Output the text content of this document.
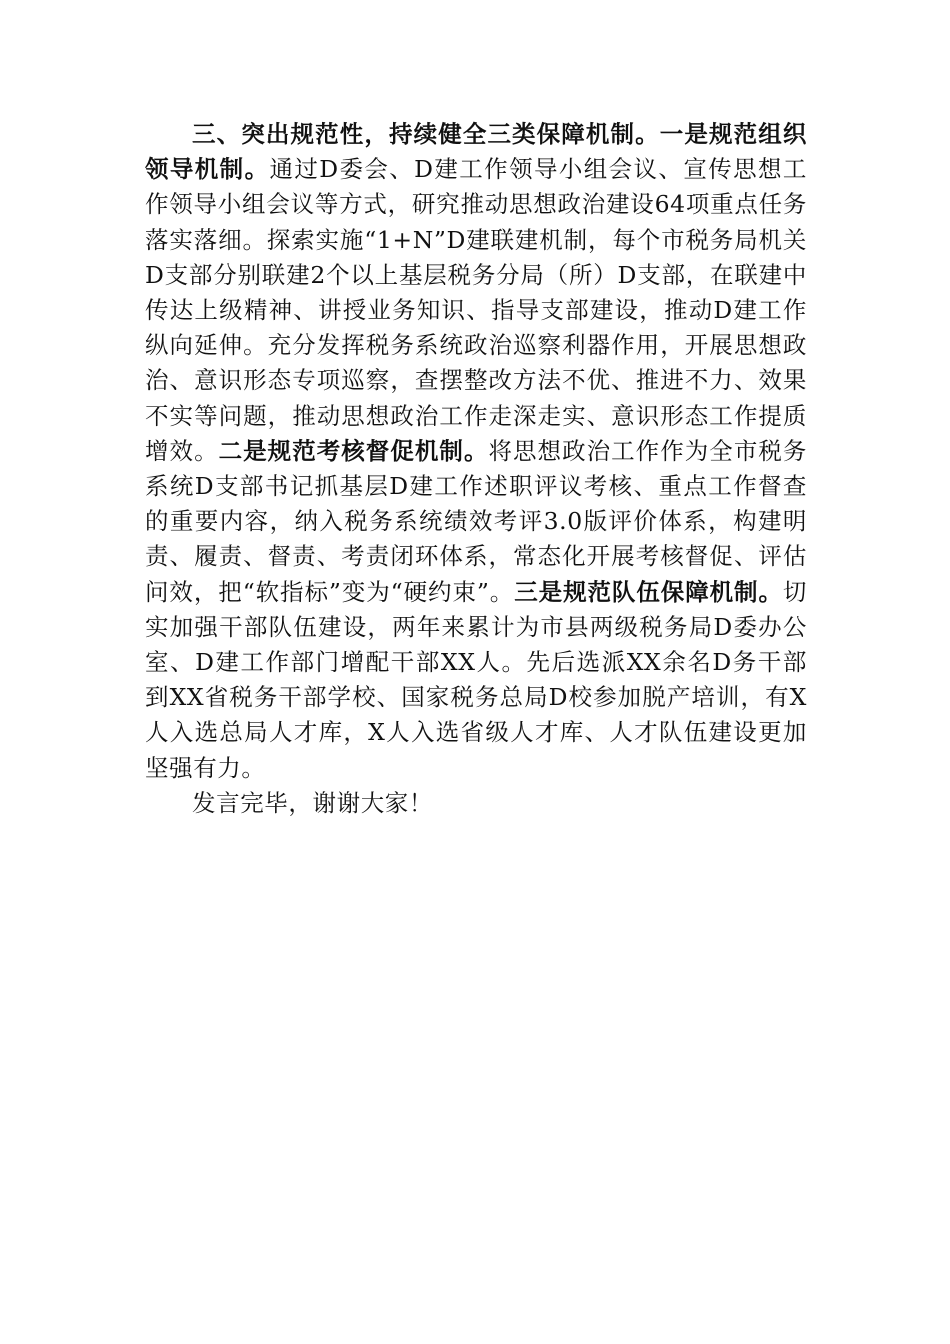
三、突出规范性，持续健全三类保障机制。一是规范组织领导机制。通过D委会、D建工作领导小组会议、宣传思想工作领导小组会议等方式，研究推动思想政治建设64项重点任务落实落细。探索实施“1+N”D建联建机制，每个市税务局机关D支部分别联建2个以上基层税务分局（所）D支部，在联建中传达上级精神、讲授业务知识、指导支部建设，推动D建工作纵向延伸。充分发挥税务系统政治巡察利器作用，开展思想政治、意识形态专项巡察，查摆整改方法不优、推进不力、效果不实等问题，推动思想政治工作走深走实、意识形态工作提质增效。二是规范考核督促机制。将思想政治工作作为全市税务系统D支部书记抓基层D建工作述职评议考核、重点工作督查的重要内容，纳入税务系统绩效考评3.0版评价体系，构建明责、履责、督责、考责闭环体系，常态化开展考核督促、评估问效，把“软指标”变为“硬约束”。三是规范队伍保障机制。切实加强干部队伍建设，两年来累计为市县两级税务局D委办公室、D建工作部门增配干部XX人。先后选派XX余名D务干部到XX省税务干部学校、国家税务总局D校参加脱产培训，有X人入选总局人才库，X人入选省级人才库、人才队伍建设更加坚强有力。

发言完毕，谢谢大家！
